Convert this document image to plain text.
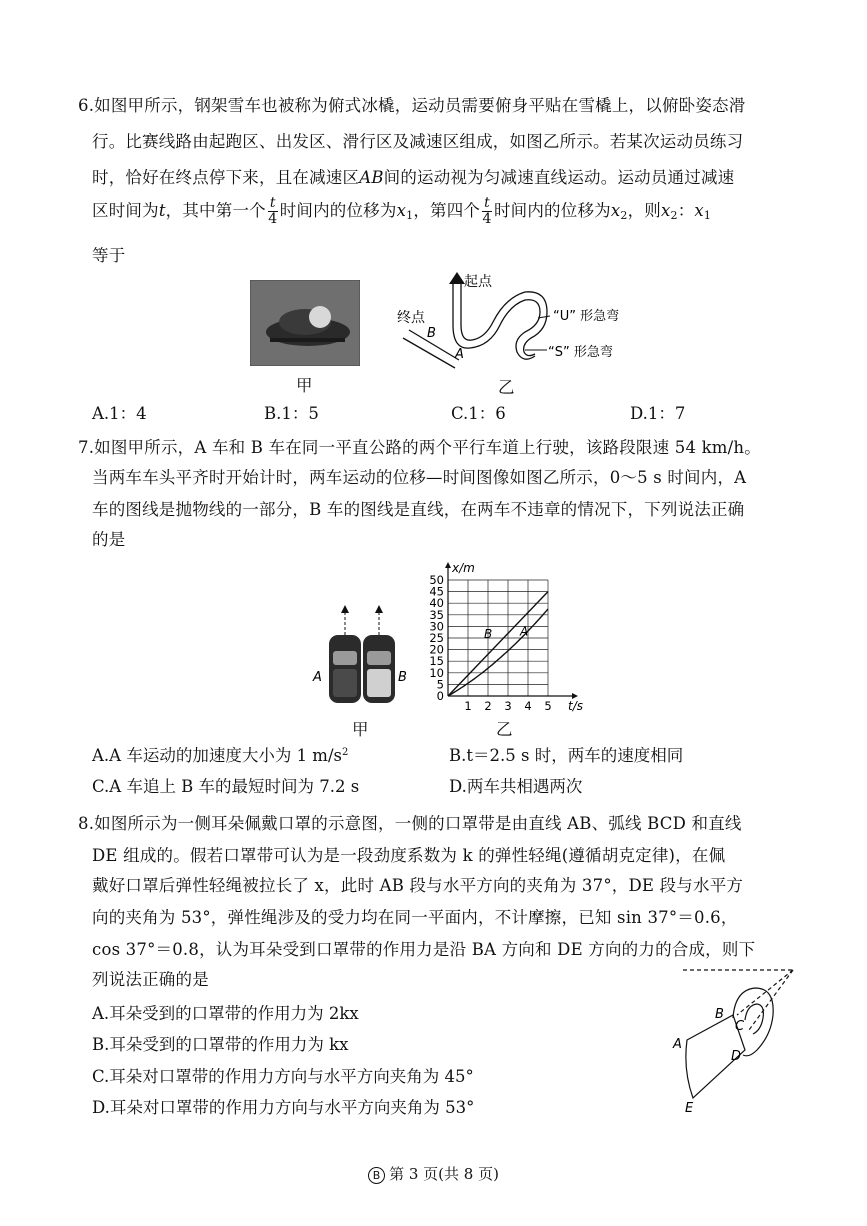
6.如图甲所示，钢架雪车也被称为俯式冰橇，运动员需要俯身平贴在雪橇上，以俯卧姿态滑
行。比赛线路由起跑区、出发区、滑行区及减速区组成，如图乙所示。若某次运动员练习
时，恰好在终点停下来，且在减速区AB间的运动视为匀减速直线运动。运动员通过减速
区时间为t，其中第一个 $\frac{t}{4}$ 时间内的位移为$x_1$，第四个 $\frac{t}{4}$ 时间内的位移为$x_2$，则$x_2$：$x_1$
等于
甲
起点
终点
B
A
“U” 形急弯
“S” 形急弯
乙
A.1：4	B.1：5	C.1：6	D.1：7
7.如图甲所示，A 车和 B 车在同一平直公路的两个平行车道上行驶，该路段限速 54 km/h。
当两车车头平齐时开始计时，两车运动的位移—时间图像如图乙所示，0～5 s 时间内，A
车的图线是抛物线的一部分，B 车的图线是直线，在两车不违章的情况下，下列说法正确
的是
A	B
甲
0
5
10
15
20
25
30
35
40
45
50
1 2 3 4 5
x/m
t/s
A
B
乙
A.A 车运动的加速度大小为 1 $m/s^2$	B.t＝2.5 s 时，两车的速度相同
C.A 车追上 B 车的最短时间为 7.2 s	D.两车共相遇两次
8.如图所示为一侧耳朵佩戴口罩的示意图，一侧的口罩带是由直线 AB、弧线 BCD 和直线
DE 组成的。假若口罩带可认为是一段劲度系数为 k 的弹性轻绳(遵循胡克定律)，在佩
戴好口罩后弹性轻绳被拉长了 x，此时 AB 段与水平方向的夹角为 37°，DE 段与水平方
向的夹角为 53°，弹性绳涉及的受力均在同一平面内，不计摩擦，已知 sin 37°＝0.6，
cos 37°＝0.8，认为耳朵受到口罩带的作用力是沿 BA 方向和 DE 方向的力的合成，则下
列说法正确的是
A.耳朵受到的口罩带的作用力为 2kx
B.耳朵受到的口罩带的作用力为 kx
C.耳朵对口罩带的作用力方向与水平方向夹角为 45°
D.耳朵对口罩带的作用力方向与水平方向夹角为 53°
B
C
D
A
E
B 第 3 页(共 8 页)
